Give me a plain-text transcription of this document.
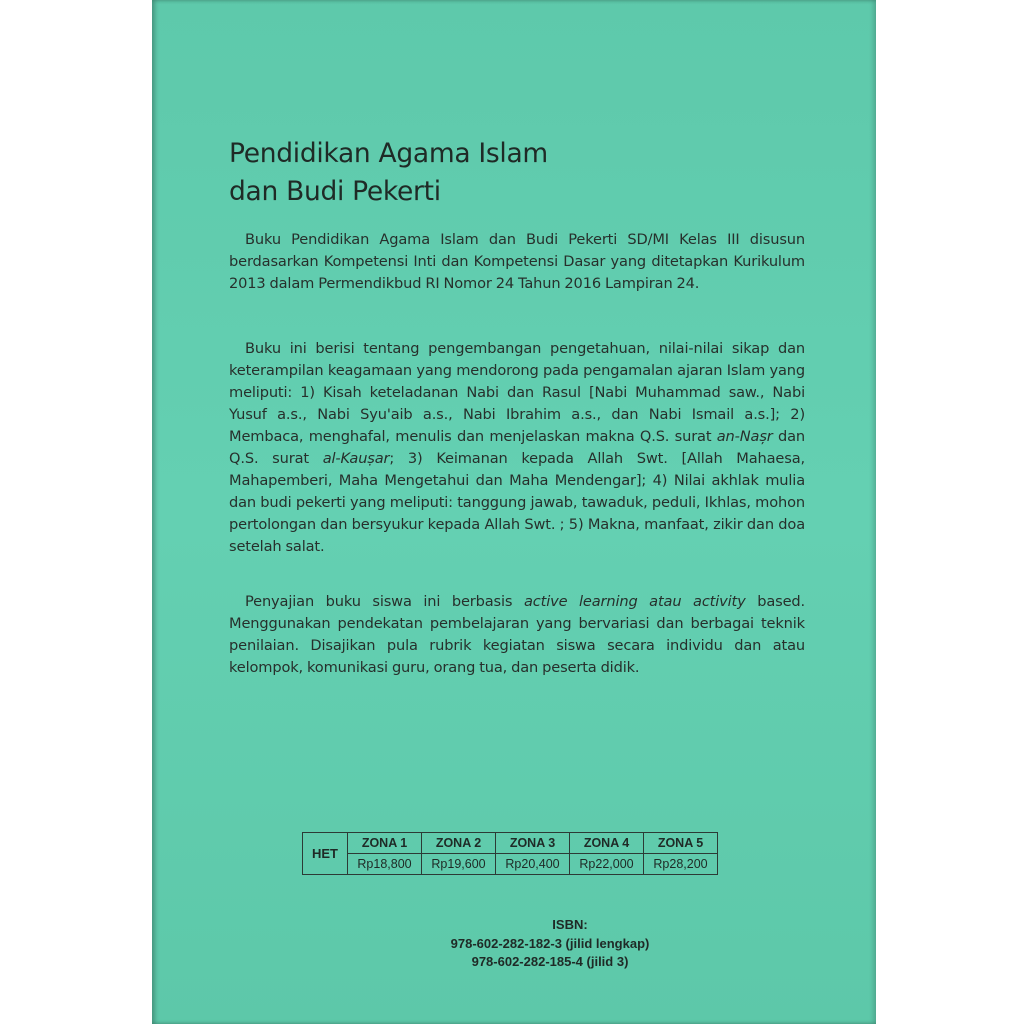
Pendidikan Agama Islam
dan Budi Pekerti

Buku Pendidikan Agama Islam dan Budi Pekerti SD/MI Kelas III disusun berdasarkan Kompetensi Inti dan Kompetensi Dasar yang ditetapkan Kurikulum 2013 dalam Permendikbud RI Nomor 24 Tahun 2016 Lampiran 24.

Buku ini berisi tentang pengembangan pengetahuan, nilai-nilai sikap dan keterampilan keagamaan yang mendorong pada pengamalan ajaran Islam yang meliputi: 1) Kisah keteladanan Nabi dan Rasul [Nabi Muhammad saw., Nabi Yusuf a.s., Nabi Syu'aib a.s., Nabi Ibrahim a.s., dan Nabi Ismail a.s.]; 2) Membaca, menghafal, menulis dan menjelaskan makna Q.S. surat an-Nașr dan Q.S. surat al-Kauṣar; 3) Keimanan kepada Allah Swt. [Allah Mahaesa, Mahapemberi, Maha Mengetahui dan Maha Mendengar]; 4) Nilai akhlak mulia dan budi pekerti yang meliputi: tanggung jawab, tawaduk, peduli, Ikhlas, mohon pertolongan dan bersyukur kepada Allah Swt. ; 5) Makna, manfaat, zikir dan doa setelah salat.

Penyajian buku siswa ini berbasis active learning atau activity based. Menggunakan pendekatan pembelajaran yang bervariasi dan berbagai teknik penilaian. Disajikan pula rubrik kegiatan siswa secara individu dan atau kelompok, komunikasi guru, orang tua, dan peserta didik.

HET	ZONA 1	ZONA 2	ZONA 3	ZONA 4	ZONA 5
	Rp18,800	Rp19,600	Rp20,400	Rp22,000	Rp28,200
ISBN:
978-602-282-182-3 (jilid lengkap)
978-602-282-185-4 (jilid 3)
